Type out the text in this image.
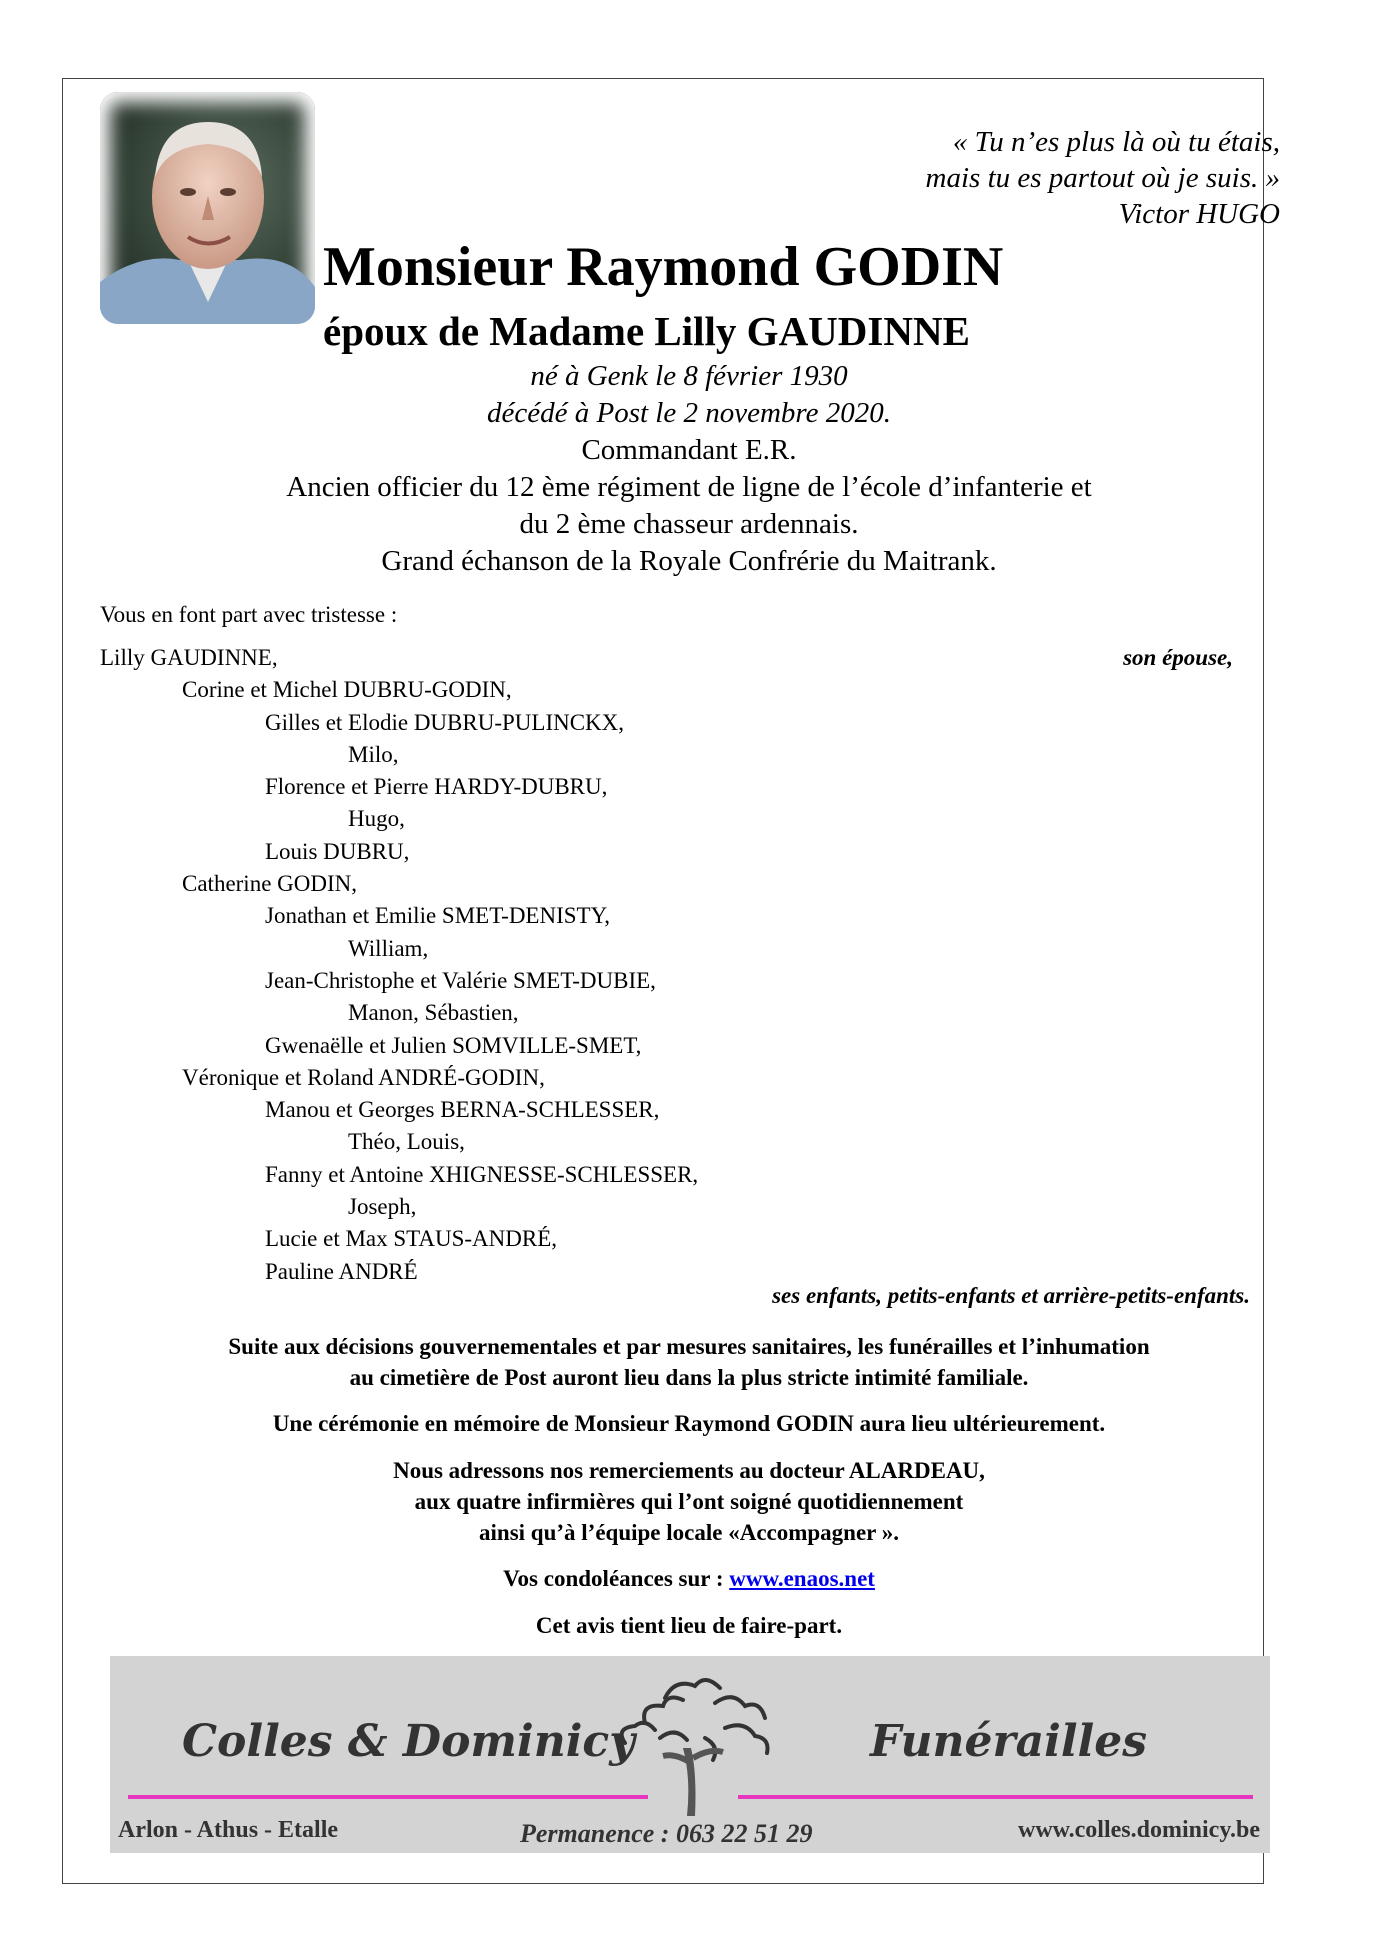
« Tu n’es plus là où tu étais,
mais tu es partout où je suis. »
Victor HUGO
Monsieur Raymond GODIN
époux de Madame Lilly GAUDINNE
né à Genk le 8 février 1930
décédé à Post le 2 novembre 2020.
Commandant E.R.
Ancien officier du 12 ème régiment de ligne de l’école d’infanterie et
du 2 ème chasseur ardennais.
Grand échanson de la Royale Confrérie du Maitrank.
Vous en font part avec tristesse :
Lilly GAUDINNE,
Corine et Michel DUBRU-GODIN,
Gilles et Elodie DUBRU-PULINCKX,
Milo,
Florence et Pierre HARDY-DUBRU,
Hugo,
Louis DUBRU,
Catherine GODIN,
Jonathan et Emilie SMET-DENISTY,
William,
Jean-Christophe et Valérie SMET-DUBIE,
Manon, Sébastien,
Gwenaëlle et Julien SOMVILLE-SMET,
Véronique et Roland ANDRÉ-GODIN,
Manou et Georges BERNA-SCHLESSER,
Théo, Louis,
Fanny et Antoine XHIGNESSE-SCHLESSER,
Joseph,
Lucie et Max STAUS-ANDRÉ,
Pauline ANDRÉ
son épouse,
ses enfants, petits-enfants et arrière-petits-enfants.
Suite aux décisions gouvernementales et par mesures sanitaires, les funérailles et l’inhumation
au cimetière de Post auront lieu dans la plus stricte intimité familiale.
Une cérémonie en mémoire de Monsieur Raymond GODIN aura lieu ultérieurement.
Nous adressons nos remerciements au docteur ALARDEAU,
aux quatre infirmières qui l’ont soigné quotidiennement
ainsi qu’à l’équipe locale «Accompagner ».
Vos condoléances sur : www.enaos.net
Cet avis tient lieu de faire-part.
Colles & Dominicy	Funérailles
Arlon - Athus - Etalle	Permanence : 063 22 51 29	www.colles.dominicy.be
